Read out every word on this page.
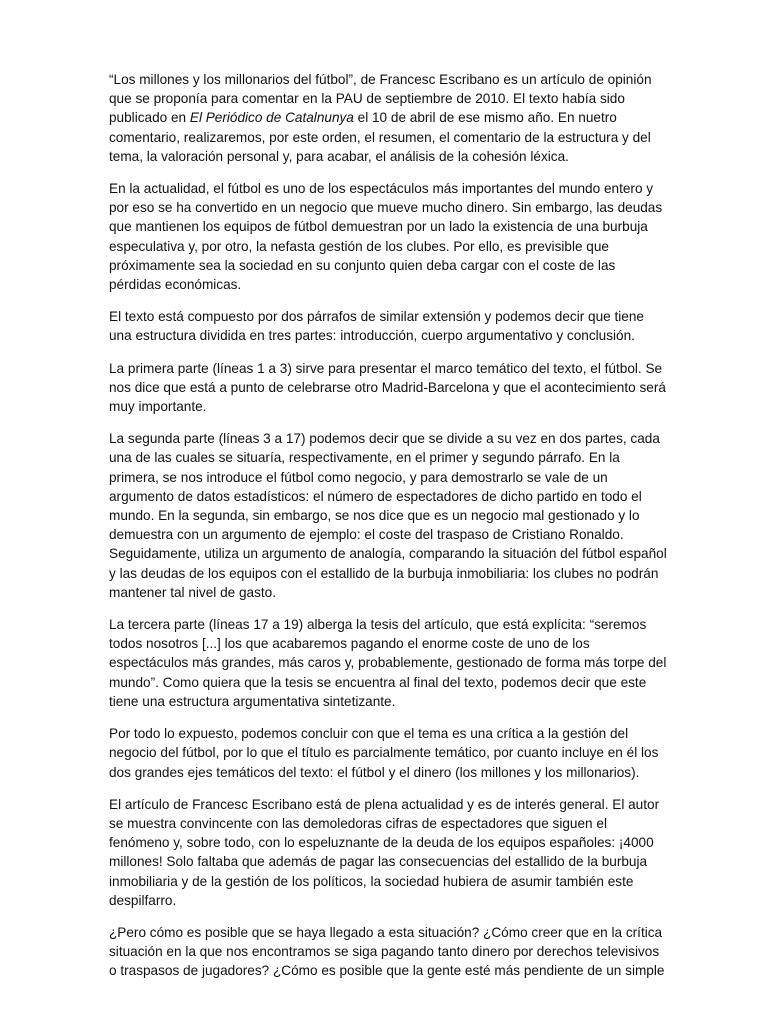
“Los millones y los millonarios del fútbol”, de Francesc Escribano es un artículo de opinión que se proponía para comentar en la PAU de septiembre de 2010. El texto había sido publicado en El Periódico de Catalnunya el 10 de abril de ese mismo año. En nuetro comentario, realizaremos, por este orden, el resumen, el comentario de la estructura y del tema, la valoración personal y, para acabar, el análisis de la cohesión léxica.

En la actualidad, el fútbol es uno de los espectáculos más importantes del mundo entero y por eso se ha convertido en un negocio que mueve mucho dinero. Sin embargo, las deudas que mantienen los equipos de fútbol demuestran por un lado la existencia de una burbuja especulativa y, por otro, la nefasta gestión de los clubes. Por ello, es previsible que próximamente sea la sociedad en su conjunto quien deba cargar con el coste de las pérdidas económicas.

El texto está compuesto por dos párrafos de similar extensión y podemos decir que tiene una estructura dividida en tres partes: introducción, cuerpo argumentativo y conclusión.

La primera parte (líneas 1 a 3) sirve para presentar el marco temático del texto, el fútbol. Se nos dice que está a punto de celebrarse otro Madrid-Barcelona y que el acontecimiento será muy importante.

La segunda parte (líneas 3 a 17) podemos decir que se divide a su vez en dos partes, cada una de las cuales se situaría, respectivamente, en el primer y segundo párrafo. En la primera, se nos introduce el fútbol como negocio, y para demostrarlo se vale de un argumento de datos estadísticos: el número de espectadores de dicho partido en todo el mundo. En la segunda, sin embargo, se nos dice que es un negocio mal gestionado y lo demuestra con un argumento de ejemplo: el coste del traspaso de Cristiano Ronaldo. Seguidamente, utiliza un argumento de analogía, comparando la situación del fútbol español y las deudas de los equipos con el estallido de la burbuja inmobiliaria: los clubes no podrán mantener tal nivel de gasto.

La tercera parte (líneas 17 a 19) alberga la tesis del artículo, que está explícita: “seremos todos nosotros [...] los que acabaremos pagando el enorme coste de uno de los espectáculos más grandes, más caros y, probablemente, gestionado de forma más torpe del mundo”. Como quiera que la tesis se encuentra al final del texto, podemos decir que este tiene una estructura argumentativa sintetizante.

Por todo lo expuesto, podemos concluir con que el tema es una crítica a la gestión del negocio del fútbol, por lo que el título es parcialmente temático, por cuanto incluye en él los dos grandes ejes temáticos del texto: el fútbol y el dinero (los millones y los millonarios).

El artículo de Francesc Escribano está de plena actualidad y es de interés general. El autor se muestra convincente con las demoledoras cifras de espectadores que siguen el fenómeno y, sobre todo, con lo espeluznante de la deuda de los equipos españoles: ¡4000 millones! Solo faltaba que además de pagar las consecuencias del estallido de la burbuja inmobiliaria y de la gestión de los políticos, la sociedad hubiera de asumir también este despilfarro.

¿Pero cómo es posible que se haya llegado a esta situación? ¿Cómo creer que en la crítica situación en la que nos encontramos se siga pagando tanto dinero por derechos televisivos o traspasos de jugadores? ¿Cómo es posible que la gente esté más pendiente de un simple
